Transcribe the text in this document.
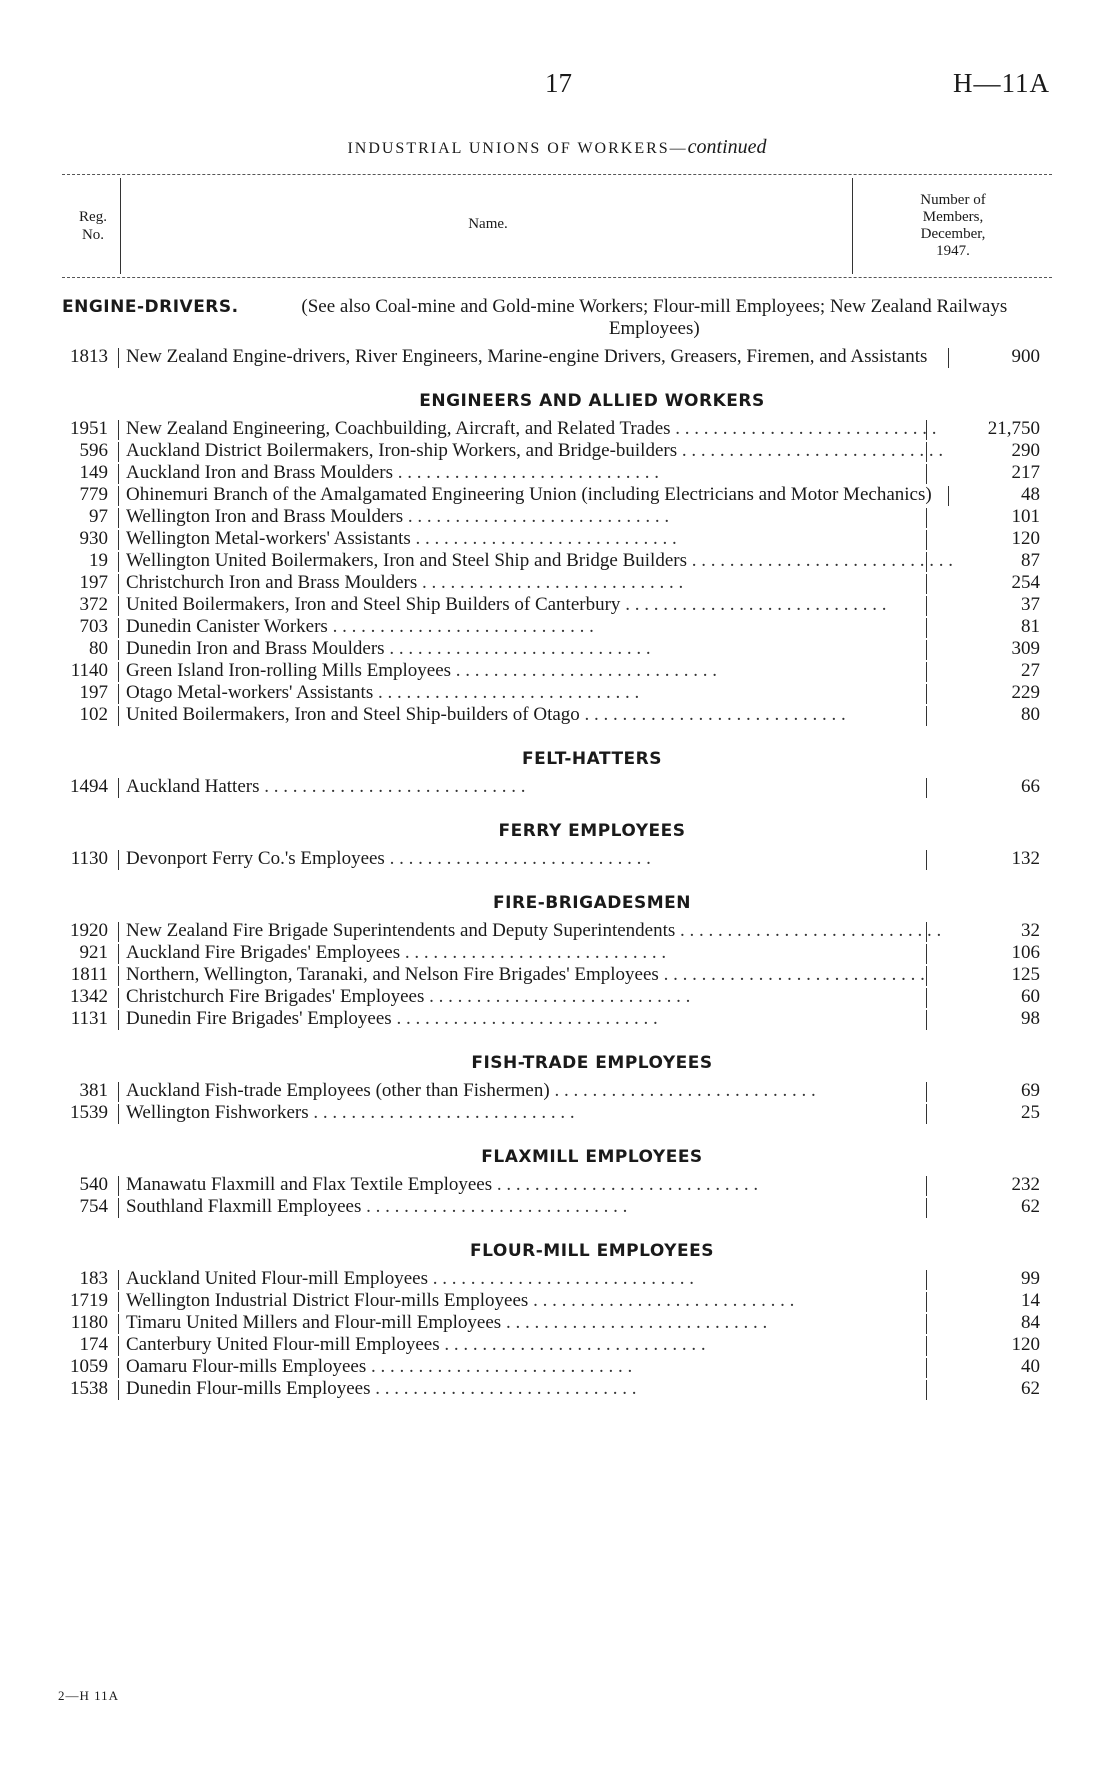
17	H—11A
INDUSTRIAL UNIONS OF WORKERS—continued
Reg.
No.
Name.
Number of
Members,
December,
1947.
ENGINE-DRIVERS.	(See also Coal-mine and Gold-mine Workers; Flour-mill Employees; New Zealand Railways Employees)
1813 New Zealand Engine-drivers, River Engineers, Marine-engine Drivers, Greasers, Firemen, and Assistants	900
ENGINEERS AND ALLIED WORKERS
1951 New Zealand Engineering, Coachbuilding, Aircraft, and Related Trades . . . . . . . . . . . . . . . . . . . . . . . . . . . .	21,750
596 Auckland District Boilermakers, Iron-ship Workers, and Bridge-builders . . . . . . . . . . . . . . . . . . . . . . . . . . . .	290
149 Auckland Iron and Brass Moulders . . . . . . . . . . . . . . . . . . . . . . . . . . . .	217
779 Ohinemuri Branch of the Amalgamated Engineering Union (including Electricians and Motor Mechanics)	48
97 Wellington Iron and Brass Moulders . . . . . . . . . . . . . . . . . . . . . . . . . . . .	101
930 Wellington Metal-workers' Assistants . . . . . . . . . . . . . . . . . . . . . . . . . . . .	120
19 Wellington United Boilermakers, Iron and Steel Ship and Bridge Builders . . . . . . . . . . . . . . . . . . . . . . . . . . . .	87
197 Christchurch Iron and Brass Moulders . . . . . . . . . . . . . . . . . . . . . . . . . . . .	254
372 United Boilermakers, Iron and Steel Ship Builders of Canterbury . . . . . . . . . . . . . . . . . . . . . . . . . . . .	37
703 Dunedin Canister Workers . . . . . . . . . . . . . . . . . . . . . . . . . . . .	81
80 Dunedin Iron and Brass Moulders . . . . . . . . . . . . . . . . . . . . . . . . . . . .	309
1140 Green Island Iron-rolling Mills Employees . . . . . . . . . . . . . . . . . . . . . . . . . . . .	27
197 Otago Metal-workers' Assistants . . . . . . . . . . . . . . . . . . . . . . . . . . . .	229
102 United Boilermakers, Iron and Steel Ship-builders of Otago . . . . . . . . . . . . . . . . . . . . . . . . . . . .	80
FELT-HATTERS
1494 Auckland Hatters . . . . . . . . . . . . . . . . . . . . . . . . . . . .	66
FERRY EMPLOYEES
1130 Devonport Ferry Co.'s Employees . . . . . . . . . . . . . . . . . . . . . . . . . . . .	132
FIRE-BRIGADESMEN
1920 New Zealand Fire Brigade Superintendents and Deputy Superintendents . . . . . . . . . . . . . . . . . . . . . . . . . . . .	32
921 Auckland Fire Brigades' Employees . . . . . . . . . . . . . . . . . . . . . . . . . . . .	106
1811 Northern, Wellington, Taranaki, and Nelson Fire Brigades' Employees . . . . . . . . . . . . . . . . . . . . . . . . . . . .	125
1342 Christchurch Fire Brigades' Employees . . . . . . . . . . . . . . . . . . . . . . . . . . . .	60
1131 Dunedin Fire Brigades' Employees . . . . . . . . . . . . . . . . . . . . . . . . . . . .	98
FISH-TRADE EMPLOYEES
381 Auckland Fish-trade Employees (other than Fishermen) . . . . . . . . . . . . . . . . . . . . . . . . . . . .	69
1539 Wellington Fishworkers . . . . . . . . . . . . . . . . . . . . . . . . . . . .	25
FLAXMILL EMPLOYEES
540 Manawatu Flaxmill and Flax Textile Employees . . . . . . . . . . . . . . . . . . . . . . . . . . . .	232
754 Southland Flaxmill Employees . . . . . . . . . . . . . . . . . . . . . . . . . . . .	62
FLOUR-MILL EMPLOYEES
183 Auckland United Flour-mill Employees . . . . . . . . . . . . . . . . . . . . . . . . . . . .	99
1719 Wellington Industrial District Flour-mills Employees . . . . . . . . . . . . . . . . . . . . . . . . . . . .	14
1180 Timaru United Millers and Flour-mill Employees . . . . . . . . . . . . . . . . . . . . . . . . . . . .	84
174 Canterbury United Flour-mill Employees . . . . . . . . . . . . . . . . . . . . . . . . . . . .	120
1059 Oamaru Flour-mills Employees . . . . . . . . . . . . . . . . . . . . . . . . . . . .	40
1538 Dunedin Flour-mills Employees . . . . . . . . . . . . . . . . . . . . . . . . . . . .	62
2—H 11A
